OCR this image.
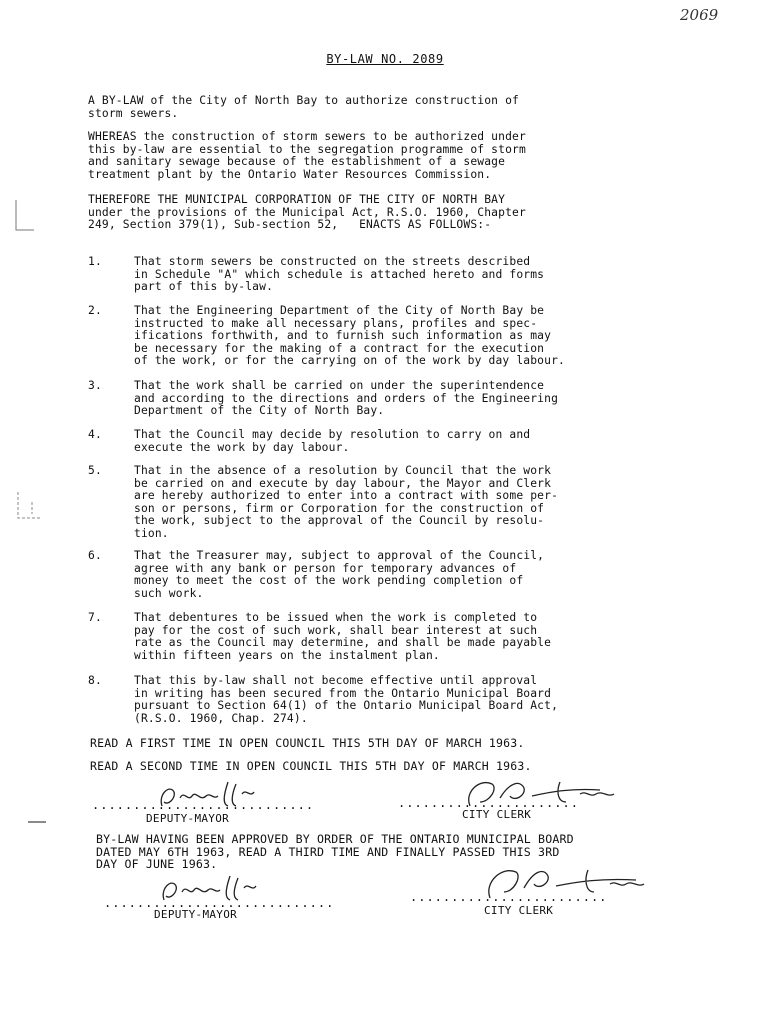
2069
BY-LAW NO. 2089
A BY-LAW of the City of North Bay to authorize construction of
storm sewers.
WHEREAS the construction of storm sewers to be authorized under
this by-law are essential to the segregation programme of storm
and sanitary sewage because of the establishment of a sewage
treatment plant by the Ontario Water Resources Commission.
THEREFORE THE MUNICIPAL CORPORATION OF THE CITY OF NORTH BAY
under the provisions of the Municipal Act, R.S.O. 1960, Chapter
249, Section 379(1), Sub-section 52,   ENACTS AS FOLLOWS:-
1.	That storm sewers be constructed on the streets described
in Schedule "A" which schedule is attached hereto and forms
part of this by-law.
2.	That the Engineering Department of the City of North Bay be
instructed to make all necessary plans, profiles and spec-
ifications forthwith, and to furnish such information as may
be necessary for the making of a contract for the execution
of the work, or for the carrying on of the work by day labour.
3.	That the work shall be carried on under the superintendence
and according to the directions and orders of the Engineering
Department of the City of North Bay.
4.	That the Council may decide by resolution to carry on and
execute the work by day labour.
5.	That in the absence of a resolution by Council that the work
be carried on and execute by day labour, the Mayor and Clerk
are hereby authorized to enter into a contract with some per-
son or persons, firm or Corporation for the construction of
the work, subject to the approval of the Council by resolu-
tion.
6.	That the Treasurer may, subject to approval of the Council,
agree with any bank or person for temporary advances of
money to meet the cost of the work pending completion of
such work.
7.	That debentures to be issued when the work is completed to
pay for the cost of such work, shall bear interest at such
rate as the Council may determine, and shall be made payable
within fifteen years on the instalment plan.
8.	That this by-law shall not become effective until approval
in writing has been secured from the Ontario Municipal Board
pursuant to Section 64(1) of the Ontario Municipal Board Act,
(R.S.O. 1960, Chap. 274).
READ A FIRST TIME IN OPEN COUNCIL THIS 5TH DAY OF MARCH 1963.
READ A SECOND TIME IN OPEN COUNCIL THIS 5TH DAY OF MARCH 1963.
...........................
DEPUTY-MAYOR
......................
CITY CLERK
BY-LAW HAVING BEEN APPROVED BY ORDER OF THE ONTARIO MUNICIPAL BOARD
DATED MAY 6TH 1963, READ A THIRD TIME AND FINALLY PASSED THIS 3RD
DAY OF JUNE 1963.
............................
DEPUTY-MAYOR
........................
CITY CLERK
